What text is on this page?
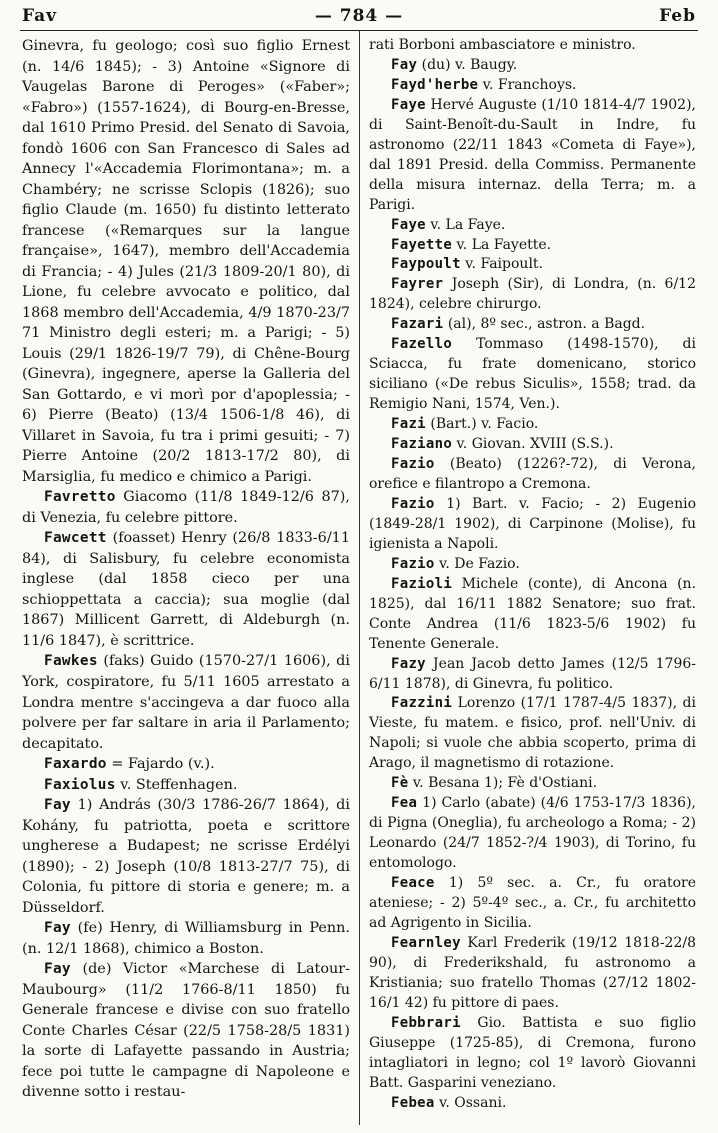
Fav	— 784 —	Feb

Ginevra, fu geologo; così suo figlio Ernest (n. 14/6 1845); - 3) Antoine «Signore di Vaugelas Barone di Peroges» («Faber»; «Fabro») (1557-1624), di Bourg-en-Bresse, dal 1610 Primo Presid. del Senato di Savoia, fondò 1606 con San Francesco di Sales ad Annecy l'«Accademia Florimontana»; m. a Chambéry; ne scrisse Sclopis (1826); suo figlio Claude (m. 1650) fu distinto letterato francese («Remarques sur la langue française», 1647), membro dell'Accademia di Francia; - 4) Jules (21/3 1809-20/1 80), di Lione, fu celebre avvocato e politico, dal 1868 membro dell'Accademia, 4/9 1870-23/7 71 Ministro degli esteri; m. a Parigi; - 5) Louis (29/1 1826-19/7 79), di Chêne-Bourg (Ginevra), ingegnere, aperse la Galleria del San Gottardo, e vi morì por d'apoplessia; - 6) Pierre (Beato) (13/4 1506-1/8 46), di Villaret in Savoia, fu tra i primi gesuiti; - 7) Pierre Antoine (20/2 1813-17/2 80), di Marsiglia, fu medico e chimico a Parigi.

Favretto Giacomo (11/8 1849-12/6 87), di Venezia, fu celebre pittore.

Fawcett (foasset) Henry (26/8 1833-6/11 84), di Salisbury, fu celebre economista inglese (dal 1858 cieco per una schioppettata a caccia); sua moglie (dal 1867) Millicent Garrett, di Aldeburgh (n. 11/6 1847), è scrittrice.

Fawkes (faks) Guido (1570-27/1 1606), di York, cospiratore, fu 5/11 1605 arrestato a Londra mentre s'accingeva a dar fuoco alla polvere per far saltare in aria il Parlamento; decapitato.

Faxardo = Fajardo (v.).

Faxiolus v. Steffenhagen.

Fay 1) András (30/3 1786-26/7 1864), di Kohány, fu patriotta, poeta e scrittore ungherese a Budapest; ne scrisse Erdélyi (1890); - 2) Joseph (10/8 1813-27/7 75), di Colonia, fu pittore di storia e genere; m. a Düsseldorf.

Fay (fe) Henry, di Williamsburg in Penn. (n. 12/1 1868), chimico a Boston.

Fay (de) Victor «Marchese di Latour-Maubourg» (11/2 1766-8/11 1850) fu Generale francese e divise con suo fratello Conte Charles César (22/5 1758-28/5 1831) la sorte di Lafayette passando in Austria; fece poi tutte le campagne di Napoleone e divenne sotto i restau-

rati Borboni ambasciatore e ministro.

Fay (du) v. Baugy.

Fayd'herbe v. Franchoys.

Faye Hervé Auguste (1/10 1814-4/7 1902), di Saint-Benoît-du-Sault in Indre, fu astronomo (22/11 1843 «Cometa di Faye»), dal 1891 Presid. della Commiss. Permanente della misura internaz. della Terra; m. a Parigi.

Faye v. La Faye.

Fayette v. La Fayette.

Faypoult v. Faipoult.

Fayrer Joseph (Sir), di Londra, (n. 6/12 1824), celebre chirurgo.

Fazari (al), 8º sec., astron. a Bagd.

Fazello Tommaso (1498-1570), di Sciacca, fu frate domenicano, storico siciliano («De rebus Siculis», 1558; trad. da Remigio Nani, 1574, Ven.).

Fazi (Bart.) v. Facio.

Faziano v. Giovan. XVIII (S.S.).

Fazio (Beato) (1226?-72), di Verona, orefice e filantropo a Cremona.

Fazio 1) Bart. v. Facio; - 2) Eugenio (1849-28/1 1902), di Carpinone (Molise), fu igienista a Napoli.

Fazio v. De Fazio.

Fazioli Michele (conte), di Ancona (n. 1825), dal 16/11 1882 Senatore; suo frat. Conte Andrea (11/6 1823-5/6 1902) fu Tenente Generale.

Fazy Jean Jacob detto James (12/5 1796-6/11 1878), di Ginevra, fu politico.

Fazzini Lorenzo (17/1 1787-4/5 1837), di Vieste, fu matem. e fisico, prof. nell'Univ. di Napoli; si vuole che abbia scoperto, prima di Arago, il magnetismo di rotazione.

Fè v. Besana 1); Fè d'Ostiani.

Fea 1) Carlo (abate) (4/6 1753-17/3 1836), di Pigna (Oneglia), fu archeologo a Roma; - 2) Leonardo (24/7 1852-?/4 1903), di Torino, fu entomologo.

Feace 1) 5º sec. a. Cr., fu oratore ateniese; - 2) 5º-4º sec., a. Cr., fu architetto ad Agrigento in Sicilia.

Fearnley Karl Frederik (19/12 1818-22/8 90), di Frederikshald, fu astronomo a Kristiania; suo fratello Thomas (27/12 1802-16/1 42) fu pittore di paes.

Febbrari Gio. Battista e suo figlio Giuseppe (1725-85), di Cremona, furono intagliatori in legno; col 1º lavorò Giovanni Batt. Gasparini veneziano.

Febea v. Ossani.
